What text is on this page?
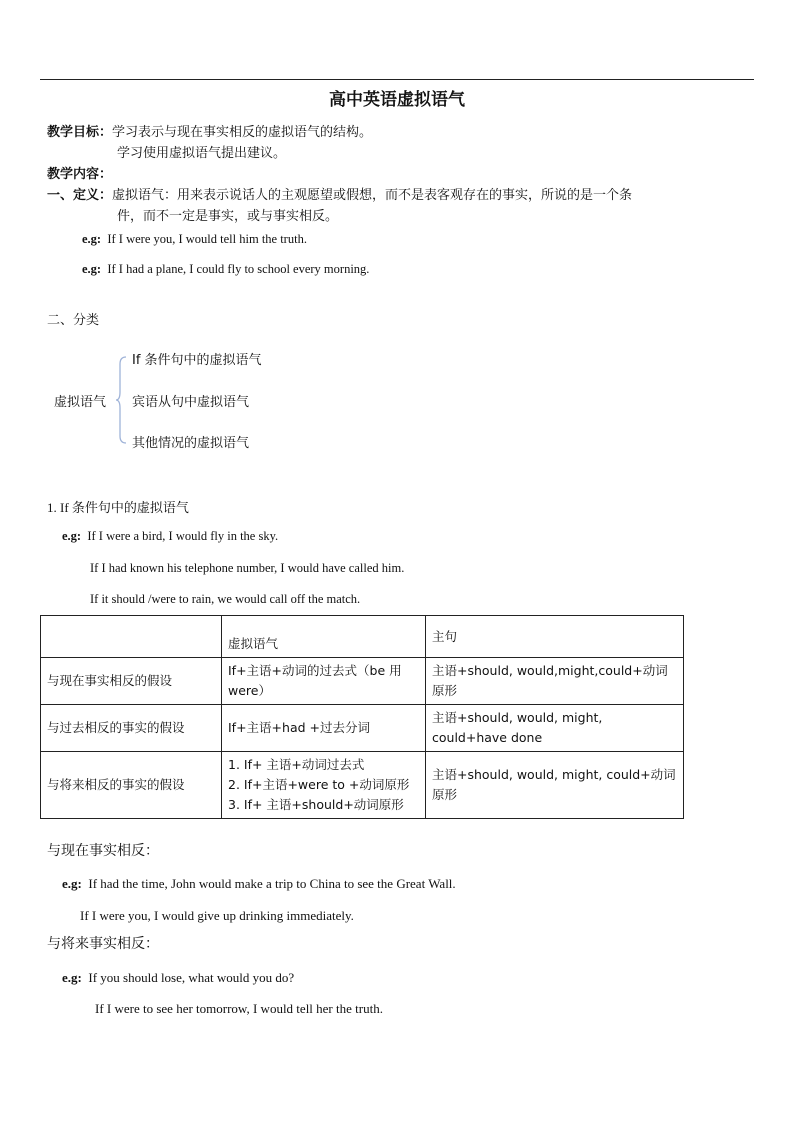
高中英语虚拟语气
教学目标：学习表示与现在事实相反的虚拟语气的结构。
学习使用虚拟语气提出建议。
教学内容：
一、定义：虚拟语气：用来表示说话人的主观愿望或假想，而不是表客观存在的事实，所说的是一个条
件，而不一定是事实，或与事实相反。
e.g: If I were you, I would tell him the truth.
e.g: If I had a plane, I could fly to school every morning.
二、分类
虚拟语气
If 条件句中的虚拟语气
宾语从句中虚拟语气
其他情况的虚拟语气
1. If 条件句中的虚拟语气
e.g: If I were a bird, I would fly in the sky.
If I had known his telephone number, I would have called him.
If it should /were to rain, we would call off the match.
	虚拟语气	主句
与现在事实相反的假设	If+主语+动词的过去式（be 用were）	主语+should, would,might,could+动词原形
与过去相反的事实的假设	If+主语+had +过去分词	主语+should, would, might, could+have done
与将来相反的事实的假设	1. If+ 主语+动词过去式
2. If+主语+were to +动词原形
3. If+ 主语+should+动词原形	主语+should, would, might, could+动词原形
与现在事实相反：
e.g: If had the time, John would make a trip to China to see the Great Wall.
If I were you, I would give up drinking immediately.
与将来事实相反：
e.g: If you should lose, what would you do?
If I were to see her tomorrow, I would tell her the truth.
